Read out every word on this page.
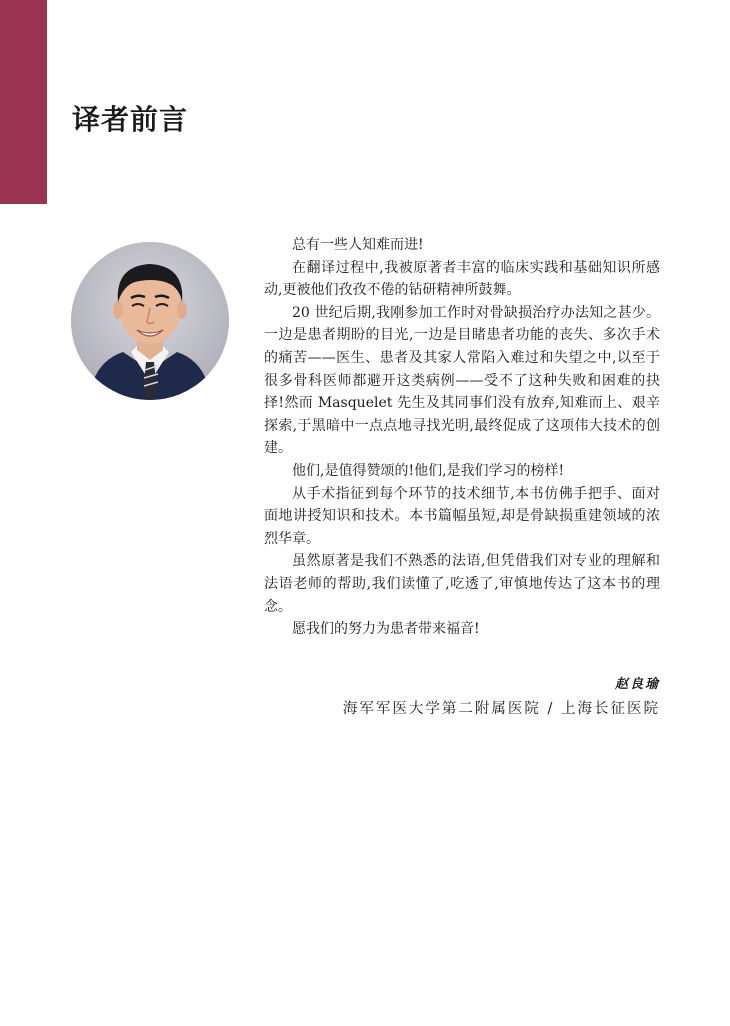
译者前言

总有一些人知难而进!

在翻译过程中,我被原著者丰富的临床实践和基础知识所感动,更被他们孜孜不倦的钻研精神所鼓舞。

20 世纪后期,我刚参加工作时对骨缺损治疗办法知之甚少。一边是患者期盼的目光,一边是目睹患者功能的丧失、多次手术的痛苦——医生、患者及其家人常陷入难过和失望之中,以至于很多骨科医师都避开这类病例——受不了这种失败和困难的抉择!然而 Masquelet 先生及其同事们没有放弃,知难而上、艰辛探索,于黑暗中一点点地寻找光明,最终促成了这项伟大技术的创建。

他们,是值得赞颂的!他们,是我们学习的榜样!

从手术指征到每个环节的技术细节,本书仿佛手把手、面对面地讲授知识和技术。本书篇幅虽短,却是骨缺损重建领域的浓烈华章。

虽然原著是我们不熟悉的法语,但凭借我们对专业的理解和法语老师的帮助,我们读懂了,吃透了,审慎地传达了这本书的理念。

愿我们的努力为患者带来福音!

赵良瑜
海军军医大学第二附属医院 / 上海长征医院
